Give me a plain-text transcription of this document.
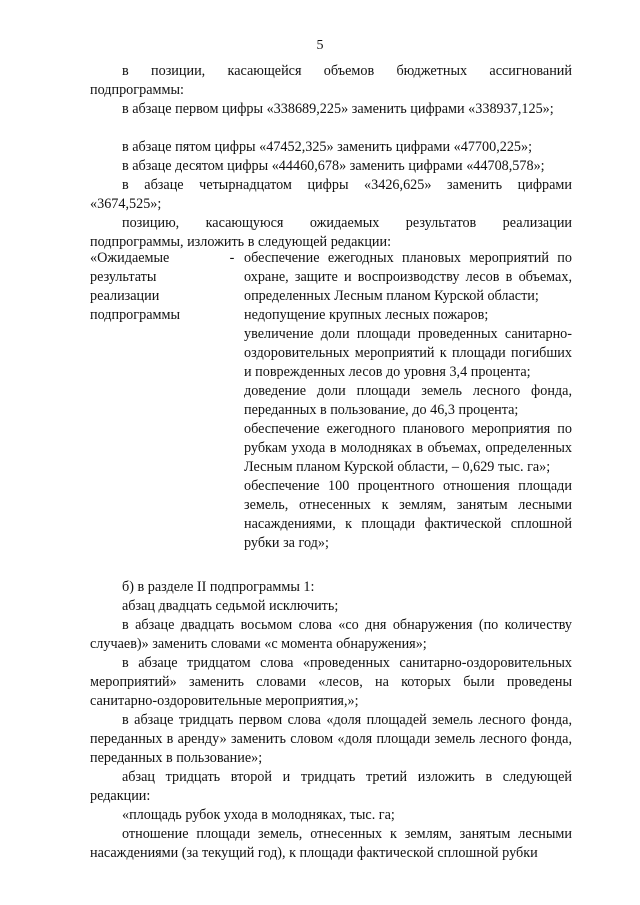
5
в позиции, касающейся объемов бюджетных ассигнований подпрограммы:
в абзаце первом цифры «338689,225» заменить цифрами «338937,125»;
в абзаце пятом цифры «47452,325» заменить цифрами «47700,225»;
в абзаце десятом цифры «44460,678» заменить цифрами «44708,578»;
в абзаце четырнадцатом цифры «3426,625» заменить цифрами «3674,525»;
позицию, касающуюся ожидаемых результатов реализации подпрограммы, изложить в следующей редакции:
«Ожидаемые
результаты
реализации
подпрограммы
- обеспечение ежегодных плановых мероприятий по охране, защите и воспроизводству лесов в объемах, определенных Лесным планом Курской области;
недопущение крупных лесных пожаров;
увеличение доли площади проведенных санитарно-оздоровительных мероприятий к площади погибших и поврежденных лесов до уровня 3,4 процента;
доведение доли площади земель лесного фонда, переданных в пользование, до 46,3 процента;
обеспечение ежегодного планового мероприятия по рубкам ухода в молодняках в объемах, определенных Лесным планом Курской области, – 0,629 тыс. га»;
обеспечение 100 процентного отношения площади земель, отнесенных к землям, занятым лесными насаждениями, к площади фактической сплошной рубки за год»;
б) в разделе II подпрограммы 1:
абзац двадцать седьмой исключить;
в абзаце двадцать восьмом слова «со дня обнаружения (по количеству случаев)» заменить словами «с момента обнаружения»;
в абзаце тридцатом слова «проведенных санитарно-оздоровительных мероприятий» заменить словами «лесов, на которых были проведены санитарно-оздоровительные мероприятия,»;
в абзаце тридцать первом слова «доля площадей земель лесного фонда, переданных в аренду» заменить словом «доля площади земель лесного фонда, переданных в пользование»;
абзац тридцать второй и тридцать третий изложить в следующей редакции:
«площадь рубок ухода в молодняках, тыс. га;
отношение площади земель, отнесенных к землям, занятым лесными насаждениями (за текущий год), к площади фактической сплошной рубки
